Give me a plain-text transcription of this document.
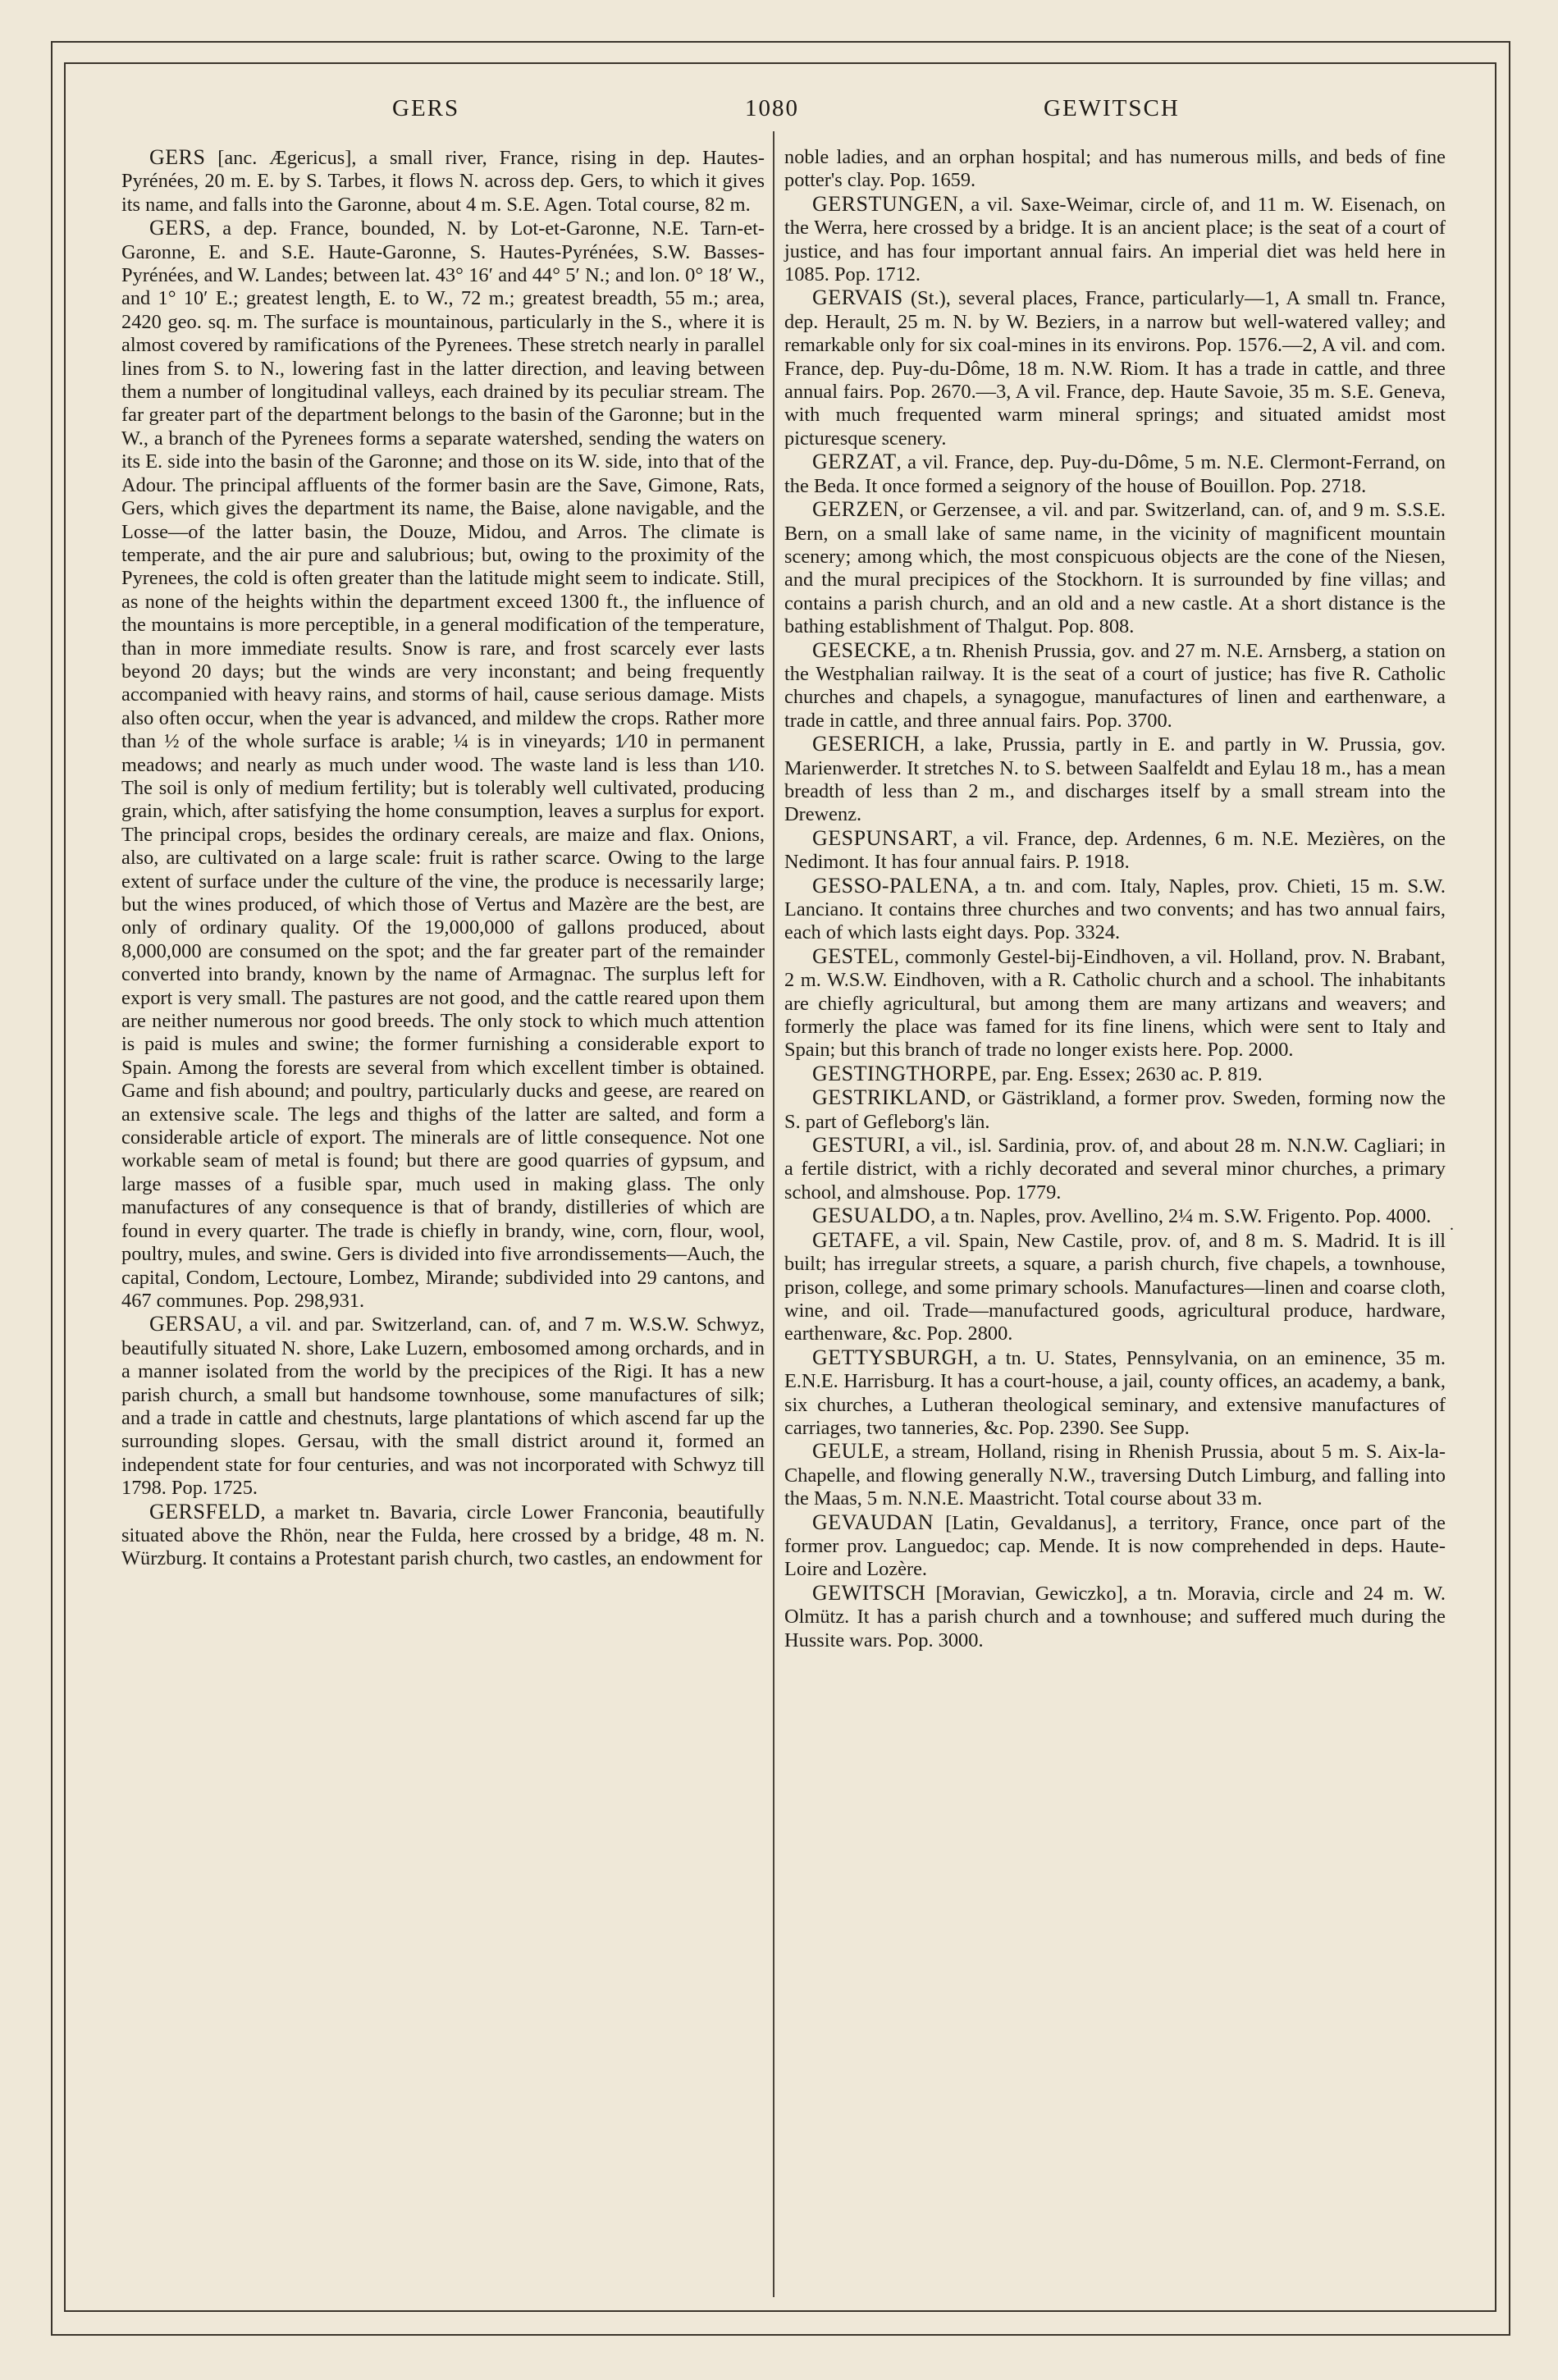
GERS	1080	GEWITSCH

GERS [anc. Ægericus], a small river, France, rising in dep. Hautes-Pyrénées, 20 m. E. by S. Tarbes, it flows N. across dep. Gers, to which it gives its name, and falls into the Garonne, about 4 m. S.E. Agen. Total course, 82 m.

GERS, a dep. France, bounded, N. by Lot-et-Garonne, N.E. Tarn-et-Garonne, E. and S.E. Haute-Garonne, S. Hautes-Pyrénées, S.W. Basses-Pyrénées, and W. Landes; between lat. 43° 16′ and 44° 5′ N.; and lon. 0° 18′ W., and 1° 10′ E.; greatest length, E. to W., 72 m.; greatest breadth, 55 m.; area, 2420 geo. sq. m. The surface is mountainous, particularly in the S., where it is almost covered by ramifications of the Pyrenees. These stretch nearly in parallel lines from S. to N., lowering fast in the latter direction, and leaving between them a number of longitudinal valleys, each drained by its peculiar stream. The far greater part of the department belongs to the basin of the Garonne; but in the W., a branch of the Pyrenees forms a separate watershed, sending the waters on its E. side into the basin of the Garonne; and those on its W. side, into that of the Adour. The principal affluents of the former basin are the Save, Gimone, Rats, Gers, which gives the department its name, the Baise, alone navigable, and the Losse—of the latter basin, the Douze, Midou, and Arros. The climate is temperate, and the air pure and salubrious; but, owing to the proximity of the Pyrenees, the cold is often greater than the latitude might seem to indicate. Still, as none of the heights within the department exceed 1300 ft., the influence of the mountains is more perceptible, in a general modification of the temperature, than in more immediate results. Snow is rare, and frost scarcely ever lasts beyond 20 days; but the winds are very inconstant; and being frequently accompanied with heavy rains, and storms of hail, cause serious damage. Mists also often occur, when the year is advanced, and mildew the crops. Rather more than ½ of the whole surface is arable; ¼ is in vineyards; 1⁄10 in permanent meadows; and nearly as much under wood. The waste land is less than 1⁄10. The soil is only of medium fertility; but is tolerably well cultivated, producing grain, which, after satisfying the home consumption, leaves a surplus for export. The principal crops, besides the ordinary cereals, are maize and flax. Onions, also, are cultivated on a large scale: fruit is rather scarce. Owing to the large extent of surface under the culture of the vine, the produce is necessarily large; but the wines produced, of which those of Vertus and Mazère are the best, are only of ordinary quality. Of the 19,000,000 of gallons produced, about 8,000,000 are consumed on the spot; and the far greater part of the remainder converted into brandy, known by the name of Armagnac. The surplus left for export is very small. The pastures are not good, and the cattle reared upon them are neither numerous nor good breeds. The only stock to which much attention is paid is mules and swine; the former furnishing a considerable export to Spain. Among the forests are several from which excellent timber is obtained. Game and fish abound; and poultry, particularly ducks and geese, are reared on an extensive scale. The legs and thighs of the latter are salted, and form a considerable article of export. The minerals are of little consequence. Not one workable seam of metal is found; but there are good quarries of gypsum, and large masses of a fusible spar, much used in making glass. The only manufactures of any consequence is that of brandy, distilleries of which are found in every quarter. The trade is chiefly in brandy, wine, corn, flour, wool, poultry, mules, and swine. Gers is divided into five arrondissements—Auch, the capital, Condom, Lectoure, Lombez, Mirande; subdivided into 29 cantons, and 467 communes. Pop. 298,931.

GERSAU, a vil. and par. Switzerland, can. of, and 7 m. W.S.W. Schwyz, beautifully situated N. shore, Lake Luzern, embosomed among orchards, and in a manner isolated from the world by the precipices of the Rigi. It has a new parish church, a small but handsome townhouse, some manufactures of silk; and a trade in cattle and chestnuts, large plantations of which ascend far up the surrounding slopes. Gersau, with the small district around it, formed an independent state for four centuries, and was not incorporated with Schwyz till 1798. Pop. 1725.

GERSFELD, a market tn. Bavaria, circle Lower Franconia, beautifully situated above the Rhön, near the Fulda, here crossed by a bridge, 48 m. N. Würzburg. It contains a Protestant parish church, two castles, an endowment for

noble ladies, and an orphan hospital; and has numerous mills, and beds of fine potter's clay. Pop. 1659.

GERSTUNGEN, a vil. Saxe-Weimar, circle of, and 11 m. W. Eisenach, on the Werra, here crossed by a bridge. It is an ancient place; is the seat of a court of justice, and has four important annual fairs. An imperial diet was held here in 1085. Pop. 1712.

GERVAIS (St.), several places, France, particularly—1, A small tn. France, dep. Herault, 25 m. N. by W. Beziers, in a narrow but well-watered valley; and remarkable only for six coal-mines in its environs. Pop. 1576.—2, A vil. and com. France, dep. Puy-du-Dôme, 18 m. N.W. Riom. It has a trade in cattle, and three annual fairs. Pop. 2670.—3, A vil. France, dep. Haute Savoie, 35 m. S.E. Geneva, with much frequented warm mineral springs; and situated amidst most picturesque scenery.

GERZAT, a vil. France, dep. Puy-du-Dôme, 5 m. N.E. Clermont-Ferrand, on the Beda. It once formed a seignory of the house of Bouillon. Pop. 2718.

GERZEN, or Gerzensee, a vil. and par. Switzerland, can. of, and 9 m. S.S.E. Bern, on a small lake of same name, in the vicinity of magnificent mountain scenery; among which, the most conspicuous objects are the cone of the Niesen, and the mural precipices of the Stockhorn. It is surrounded by fine villas; and contains a parish church, and an old and a new castle. At a short distance is the bathing establishment of Thalgut. Pop. 808.

GESECKE, a tn. Rhenish Prussia, gov. and 27 m. N.E. Arnsberg, a station on the Westphalian railway. It is the seat of a court of justice; has five R. Catholic churches and chapels, a synagogue, manufactures of linen and earthenware, a trade in cattle, and three annual fairs. Pop. 3700.

GESERICH, a lake, Prussia, partly in E. and partly in W. Prussia, gov. Marienwerder. It stretches N. to S. between Saalfeldt and Eylau 18 m., has a mean breadth of less than 2 m., and discharges itself by a small stream into the Drewenz.

GESPUNSART, a vil. France, dep. Ardennes, 6 m. N.E. Mezières, on the Nedimont. It has four annual fairs. P. 1918.

GESSO-PALENA, a tn. and com. Italy, Naples, prov. Chieti, 15 m. S.W. Lanciano. It contains three churches and two convents; and has two annual fairs, each of which lasts eight days. Pop. 3324.

GESTEL, commonly Gestel-bij-Eindhoven, a vil. Holland, prov. N. Brabant, 2 m. W.S.W. Eindhoven, with a R. Catholic church and a school. The inhabitants are chiefly agricultural, but among them are many artizans and weavers; and formerly the place was famed for its fine linens, which were sent to Italy and Spain; but this branch of trade no longer exists here. Pop. 2000.

GESTINGTHORPE, par. Eng. Essex; 2630 ac. P. 819.

GESTRIKLAND, or Gästrikland, a former prov. Sweden, forming now the S. part of Gefleborg's län.

GESTURI, a vil., isl. Sardinia, prov. of, and about 28 m. N.N.W. Cagliari; in a fertile district, with a richly decorated and several minor churches, a primary school, and almshouse. Pop. 1779.

GESUALDO, a tn. Naples, prov. Avellino, 2¼ m. S.W. Frigento. Pop. 4000.

GETAFE, a vil. Spain, New Castile, prov. of, and 8 m. S. Madrid. It is ill built; has irregular streets, a square, a parish church, five chapels, a townhouse, prison, college, and some primary schools. Manufactures—linen and coarse cloth, wine, and oil. Trade—manufactured goods, agricultural produce, hardware, earthenware, &c. Pop. 2800.

GETTYSBURGH, a tn. U. States, Pennsylvania, on an eminence, 35 m. E.N.E. Harrisburg. It has a court-house, a jail, county offices, an academy, a bank, six churches, a Lutheran theological seminary, and extensive manufactures of carriages, two tanneries, &c. Pop. 2390. See Supp.

GEULE, a stream, Holland, rising in Rhenish Prussia, about 5 m. S. Aix-la-Chapelle, and flowing generally N.W., traversing Dutch Limburg, and falling into the Maas, 5 m. N.N.E. Maastricht. Total course about 33 m.

GEVAUDAN [Latin, Gevaldanus], a territory, France, once part of the former prov. Languedoc; cap. Mende. It is now comprehended in deps. Haute-Loire and Lozère.

GEWITSCH [Moravian, Gewiczko], a tn. Moravia, circle and 24 m. W. Olmütz. It has a parish church and a townhouse; and suffered much during the Hussite wars. Pop. 3000.

.
